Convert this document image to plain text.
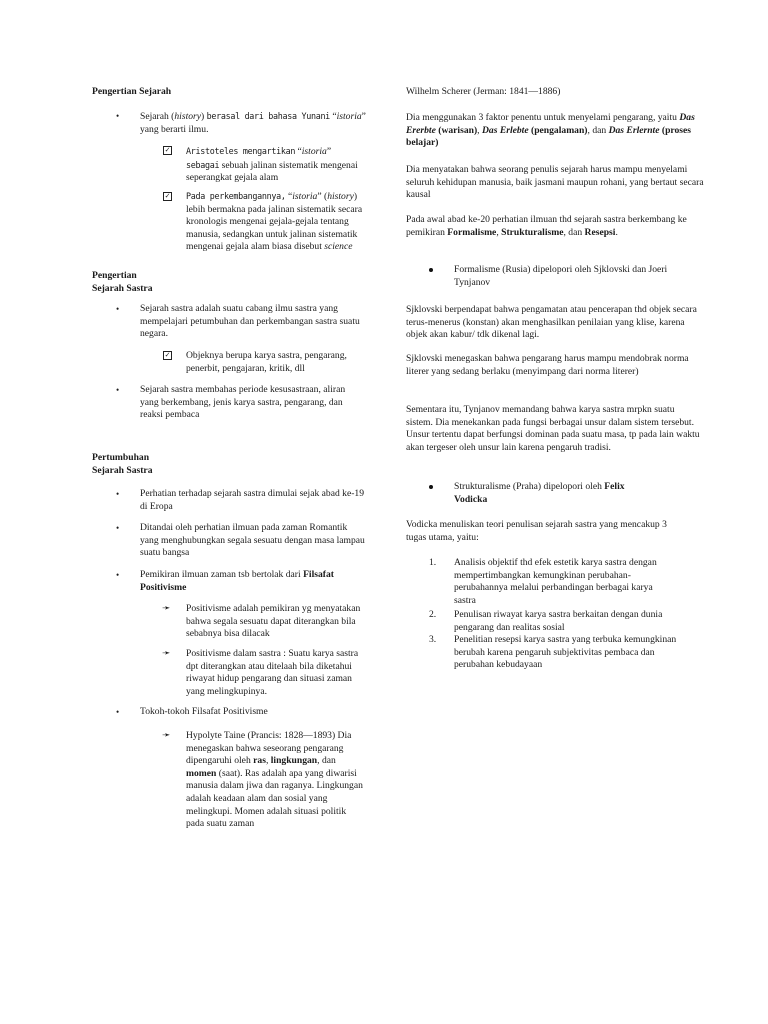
Pengertian Sejarah
• Sejarah (history) berasal dari bahasa Yunani “istoria” yang berarti ilmu.
✓ Aristoteles mengartikan “istoria” sebagai sebuah jalinan sistematik mengenai seperangkat gejala alam
✓ Pada perkembangannya, “istoria” (history) lebih bermakna pada jalinan sistematik secara kronologis mengenai gejala-gejala tentang manusia, sedangkan untuk jalinan sistematik mengenai gejala alam biasa disebut science
Pengertian
Sejarah Sastra
• Sejarah sastra adalah suatu cabang ilmu sastra yang mempelajari petumbuhan dan perkembangan sastra suatu negara.
✓ Objeknya berupa karya sastra, pengarang, penerbit, pengajaran, kritik, dll
• Sejarah sastra membahas periode kesusastraan, aliran yang berkembang, jenis karya sastra, pengarang, dan reaksi pembaca
Pertumbuhan
Sejarah Sastra
• Perhatian terhadap sejarah sastra dimulai sejak abad ke-19 di Eropa
• Ditandai oleh perhatian ilmuan pada zaman Romantik yang menghubungkan segala sesuatu dengan masa lampau suatu bangsa
• Pemikiran ilmuan zaman tsb bertolak dari Filsafat Positivisme
➛ Positivisme adalah pemikiran yg menyatakan bahwa segala sesuatu dapat diterangkan bila sebabnya bisa dilacak
➛ Positivisme dalam sastra : Suatu karya sastra dpt diterangkan atau ditelaah bila diketahui riwayat hidup pengarang dan situasi zaman yang melingkupinya.
• Tokoh-tokoh Filsafat Positivisme
➛ Hypolyte Taine (Prancis: 1828—1893) Dia menegaskan bahwa seseorang pengarang dipengaruhi oleh ras, lingkungan, dan momen (saat). Ras adalah apa yang diwarisi manusia dalam jiwa dan raganya. Lingkungan adalah keadaan alam dan sosial yang melingkupi. Momen adalah situasi politik pada suatu zaman
Wilhelm Scherer (Jerman: 1841—1886)
Dia menggunakan 3 faktor penentu untuk menyelami pengarang, yaitu Das Ererbte (warisan), Das Erlebte (pengalaman), dan Das Erlernte (proses belajar)
Dia menyatakan bahwa seorang penulis sejarah harus mampu menyelami seluruh kehidupan manusia, baik jasmani maupun rohani, yang bertaut secara kausal
Pada awal abad ke-20 perhatian ilmuan thd sejarah sastra berkembang ke pemikiran Formalisme, Strukturalisme, dan Resepsi.
Formalisme (Rusia) dipelopori oleh Sjklovski dan Joeri Tynjanov
Sjklovski berpendapat bahwa pengamatan atau pencerapan thd objek secara terus-menerus (konstan) akan menghasilkan penilaian yang klise, karena objek akan kabur/ tdk dikenal lagi.
Sjklovski menegaskan bahwa pengarang harus mampu mendobrak norma literer yang sedang berlaku (menyimpang dari norma literer)
Sementara itu, Tynjanov memandang bahwa karya sastra mrpkn suatu sistem. Dia menekankan pada fungsi berbagai unsur dalam sistem tersebut. Unsur tertentu dapat berfungsi dominan pada suatu masa, tp pada lain waktu akan tergeser oleh unsur lain karena pengaruh tradisi.
Strukturalisme (Praha) dipelopori oleh Felix Vodicka
Vodicka menuliskan teori penulisan sejarah sastra yang mencakup 3 tugas utama, yaitu:
1. Analisis objektif thd efek estetik karya sastra dengan mempertimbangkan kemungkinan perubahan-perubahannya melalui perbandingan berbagai karya sastra
2. Penulisan riwayat karya sastra berkaitan dengan dunia pengarang dan realitas sosial
3. Penelitian resepsi karya sastra yang terbuka kemungkinan berubah karena pengaruh subjektivitas pembaca dan perubahan kebudayaan
